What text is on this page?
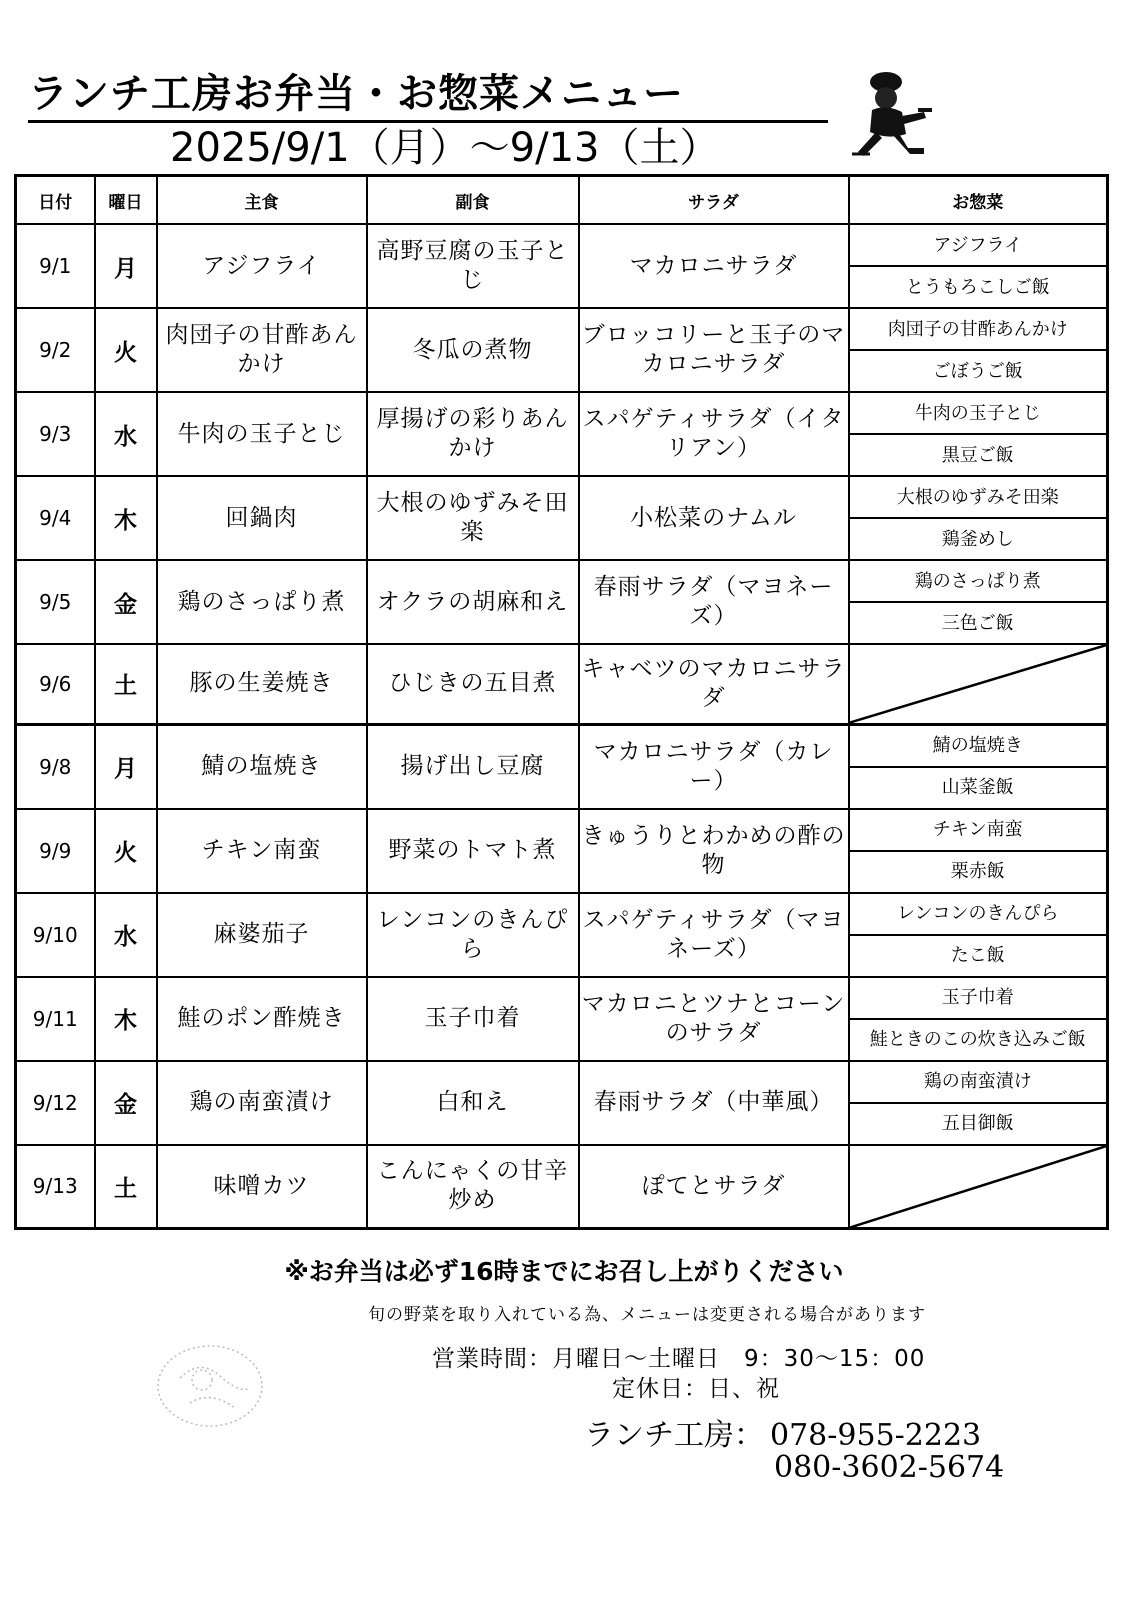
ランチ工房お弁当・お惣菜メニュー
2025/9/1（月）〜9/13（土）
日付	曜日	主食	副食	サラダ	お惣菜
9/1	月	アジフライ	高野豆腐の玉子とじ	マカロニサラダ	アジフライ
					とうもろこしご飯
9/2	火	肉団子の甘酢あんかけ	冬瓜の煮物	ブロッコリーと玉子のマカロニサラダ	肉団子の甘酢あんかけ
					ごぼうご飯
9/3	水	牛肉の玉子とじ	厚揚げの彩りあんかけ	スパゲティサラダ（イタリアン）	牛肉の玉子とじ
					黒豆ご飯
9/4	木	回鍋肉	大根のゆずみそ田楽	小松菜のナムル	大根のゆずみそ田楽
					鶏釜めし
9/5	金	鶏のさっぱり煮	オクラの胡麻和え	春雨サラダ（マヨネーズ）	鶏のさっぱり煮
					三色ご飯
9/6	土	豚の生姜焼き	ひじきの五目煮	キャベツのマカロニサラダ	

9/8	月	鯖の塩焼き	揚げ出し豆腐	マカロニサラダ（カレー）	鯖の塩焼き
					山菜釜飯
9/9	火	チキン南蛮	野菜のトマト煮	きゅうりとわかめの酢の物	チキン南蛮
					栗赤飯
9/10	水	麻婆茄子	レンコンのきんぴら	スパゲティサラダ（マヨネーズ）	レンコンのきんぴら
					たこ飯
9/11	木	鮭のポン酢焼き	玉子巾着	マカロニとツナとコーンのサラダ	玉子巾着
					鮭ときのこの炊き込みご飯
9/12	金	鶏の南蛮漬け	白和え	春雨サラダ（中華風）	鶏の南蛮漬け
					五目御飯
9/13	土	味噌カツ	こんにゃくの甘辛炒め	ぽてとサラダ	
※お弁当は必ず16時までにお召し上がりください
旬の野菜を取り入れている為、メニューは変更される場合があります
営業時間：月曜日〜土曜日　9：30〜15：00
定休日：日、祝
ランチ工房： 078-955-2223
080-3602-5674
